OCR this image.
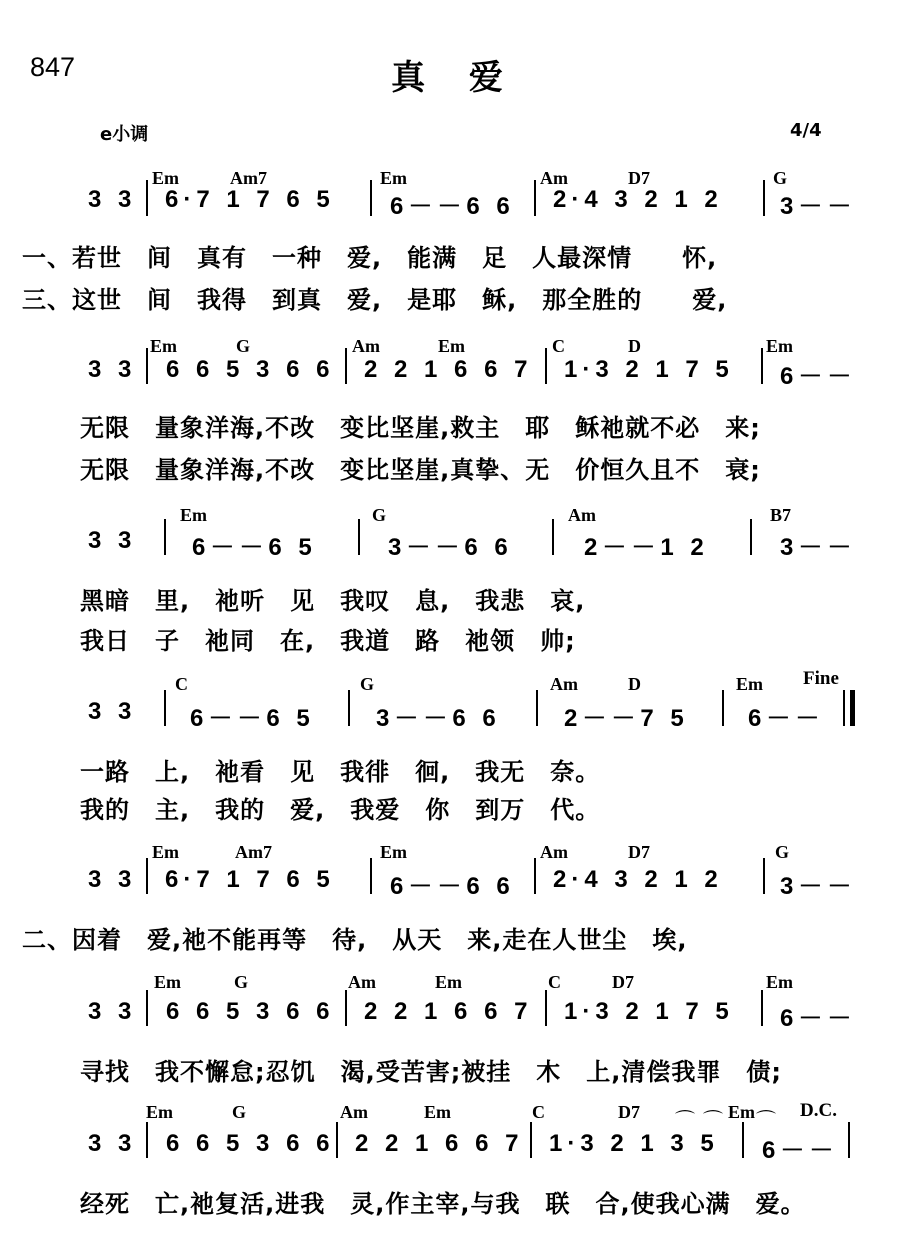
847	真 爱
e小调	4/4
Em	Am7	Em	Am	D7	G
3 3 6·7 1 7 6 5 6－－6 6 2·4 3 2 1 2 3－－
一、若世　间　真有　一种　爱,　能满　足　人最深情　　怀,
三、这世　间　我得　到真　爱,　是耶　稣,　那全胜的　　爱,
Em	G	Am	Em	C	D	Em
3 3 6 6 5 3 6 6 2 2 1 6 6 7 1·3 2 1 7 5 6－－
无限　量象洋海,不改　变比坚崖,救主　耶　稣祂就不必　来;
无限　量象洋海,不改　变比坚崖,真挚、无　价恒久且不　衰;
Em	G	Am	B7
3 3 6－－6 5	3－－6 6	2－－1 2	3－－
黑暗　里,　祂听　见　我叹　息,　我悲　哀,
我日　子　祂同　在,　我道　路　祂领　帅;
C	G	Am	D	Em Fine
3 3 6－－6 5	3－－6 6	2－－7 5 6－－
一路　上,　祂看　见　我徘　徊,　我无　奈。
我的　主,　我的　爱,　我爱　你　到万　代。
Em	Am7	Em	Am	D7	G
3 3 6·7 1 7 6 5 6－－6 6 2·4 3 2 1 2 3－－
二、因着　爱,祂不能再等　待,　从天　来,走在人世尘　埃,
Em	G	Am	Em	C	D7	Em
3 3 6 6 5 3 6 6 2 2 1 6 6 7 1·3 2 1 7 5 6－－
寻找　我不懈怠;忍饥　渴,受苦害;被挂　木　上,清偿我罪　债;
Em	G	Am	Em	C	D7 ⌒ ⌒ Em ⌒ D.C.
3 3 6 6 5 3 6 6 2 2 1 6 6 7 1·3 2 1 3 5 6－－
经死　亡,祂复活,进我　灵,作主宰,与我　联　合,使我心满　爱。
